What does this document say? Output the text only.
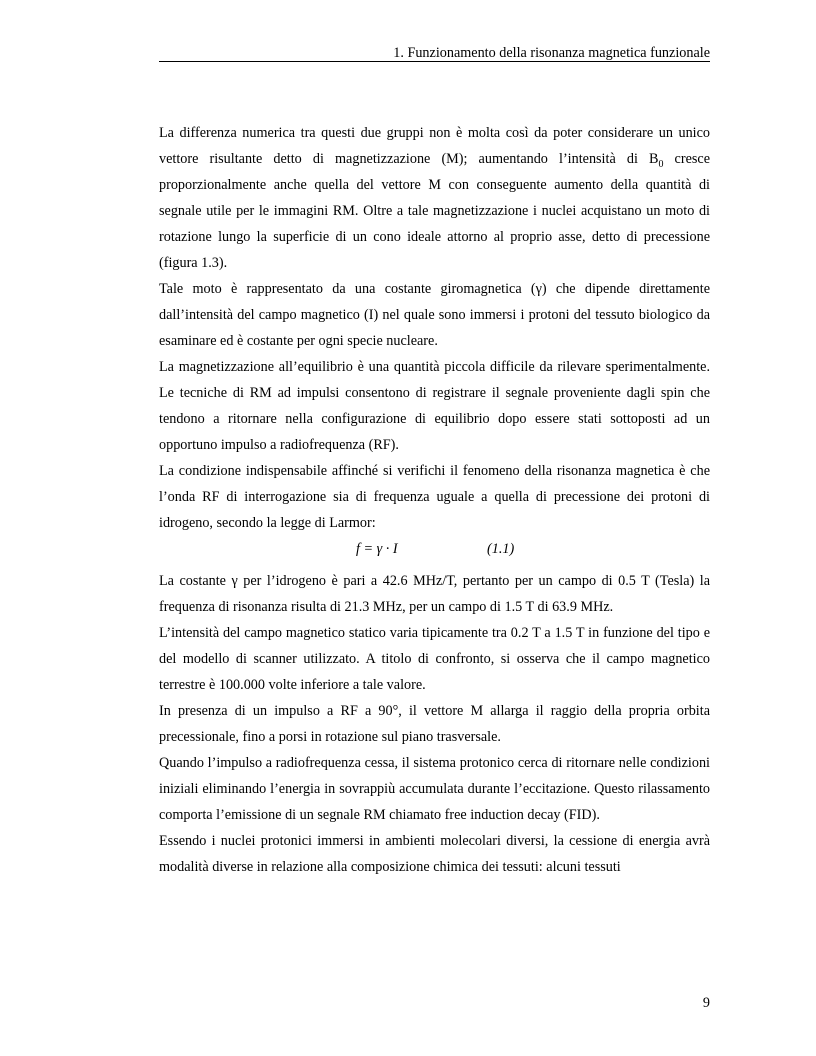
1. Funzionamento della risonanza magnetica funzionale

La differenza numerica tra questi due gruppi non è molta così da poter considerare un unico vettore risultante detto di magnetizzazione (M); aumentando l’intensità di $B_0$ cresce proporzionalmente anche quella del vettore M con conseguente aumento della quantità di segnale utile per le immagini RM. Oltre a tale magnetizzazione i nuclei acquistano un moto di rotazione lungo la superficie di un cono ideale attorno al proprio asse, detto di precessione (figura 1.3).

Tale moto è rappresentato da una costante giromagnetica (γ) che dipende direttamente dall’intensità del campo magnetico (I) nel quale sono immersi i protoni del tessuto biologico da esaminare ed è costante per ogni specie nucleare.

La magnetizzazione all’equilibrio è una quantità piccola difficile da rilevare sperimentalmente. Le tecniche di RM ad impulsi consentono di registrare il segnale proveniente dagli spin che tendono a ritornare nella configurazione di equilibrio dopo essere stati sottoposti ad un opportuno impulso a radiofrequenza (RF).

La condizione indispensabile affinché si verifichi il fenomeno della risonanza magnetica è che l’onda RF di interrogazione sia di frequenza uguale a quella di precessione dei protoni di idrogeno, secondo la legge di Larmor:

f = γ · I	(1.1)

La costante γ per l’idrogeno è pari a 42.6 MHz/T, pertanto per un campo di 0.5 T (Tesla) la frequenza di risonanza risulta di 21.3 MHz, per un campo di 1.5 T di 63.9 MHz.

L’intensità del campo magnetico statico varia tipicamente tra 0.2 T a 1.5 T in funzione del tipo e del modello di scanner utilizzato. A titolo di confronto, si osserva che il campo magnetico terrestre è 100.000 volte inferiore a tale valore.

In presenza di un impulso a RF a 90°, il vettore M allarga il raggio della propria orbita precessionale, fino a porsi in rotazione sul piano trasversale.

Quando l’impulso a radiofrequenza cessa, il sistema protonico cerca di ritornare nelle condizioni iniziali eliminando l’energia in sovrappiù accumulata durante l’eccitazione. Questo rilassamento comporta l’emissione di un segnale RM chiamato free induction decay (FID).

Essendo i nuclei protonici immersi in ambienti molecolari diversi, la cessione di energia avrà modalità diverse in relazione alla composizione chimica dei tessuti: alcuni tessuti

9
